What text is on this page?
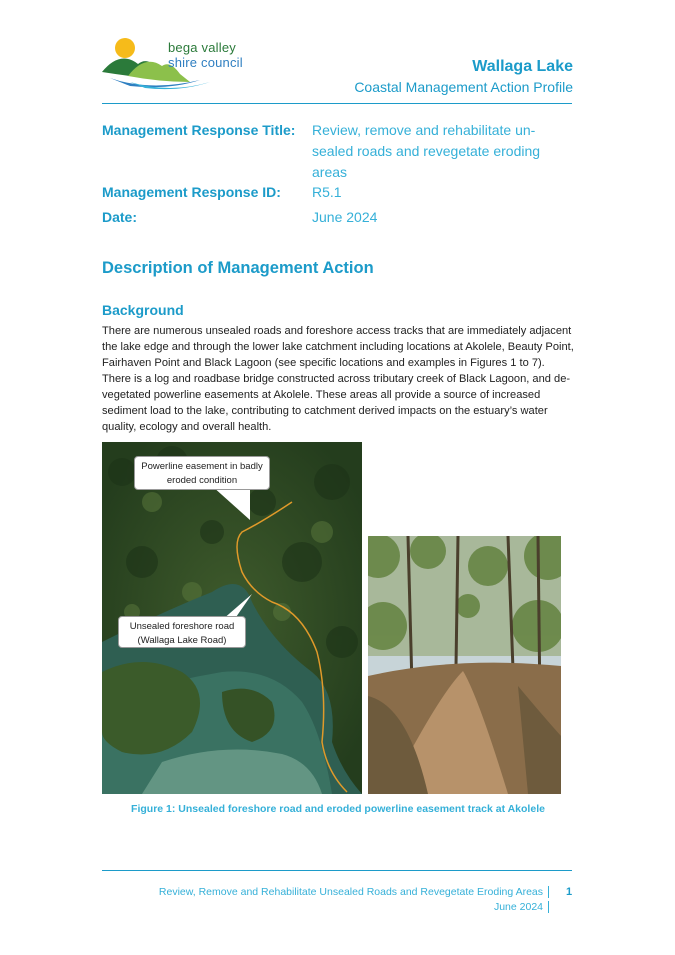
bega valley
shire council	Wallaga Lake
Coastal Management Action Profile
Management Response Title: Review, remove and rehabilitate un-sealed roads and revegetate eroding areas
Management Response ID: R5.1
Date:	June 2024
Description of Management Action
Background
There are numerous unsealed roads and foreshore access tracks that are immediately adjacent the lake edge and through the lower lake catchment including locations at Akolele, Beauty Point, Fairhaven Point and Black Lagoon (see specific locations and examples in Figures 1 to 7). There is a log and roadbase bridge constructed across tributary creek of Black Lagoon, and de-vegetated powerline easements at Akolele. These areas all provide a source of increased sediment load to the lake, contributing to catchment derived impacts on the estuary’s water quality, ecology and overall health.
Powerline easement in badly eroded condition
Unsealed foreshore road (Wallaga Lake Road)
Figure 1: Unsealed foreshore road and eroded powerline easement track at Akolele
Review, Remove and Rehabilitate Unsealed Roads and Revegetate Eroding Areas
June 2024
1
